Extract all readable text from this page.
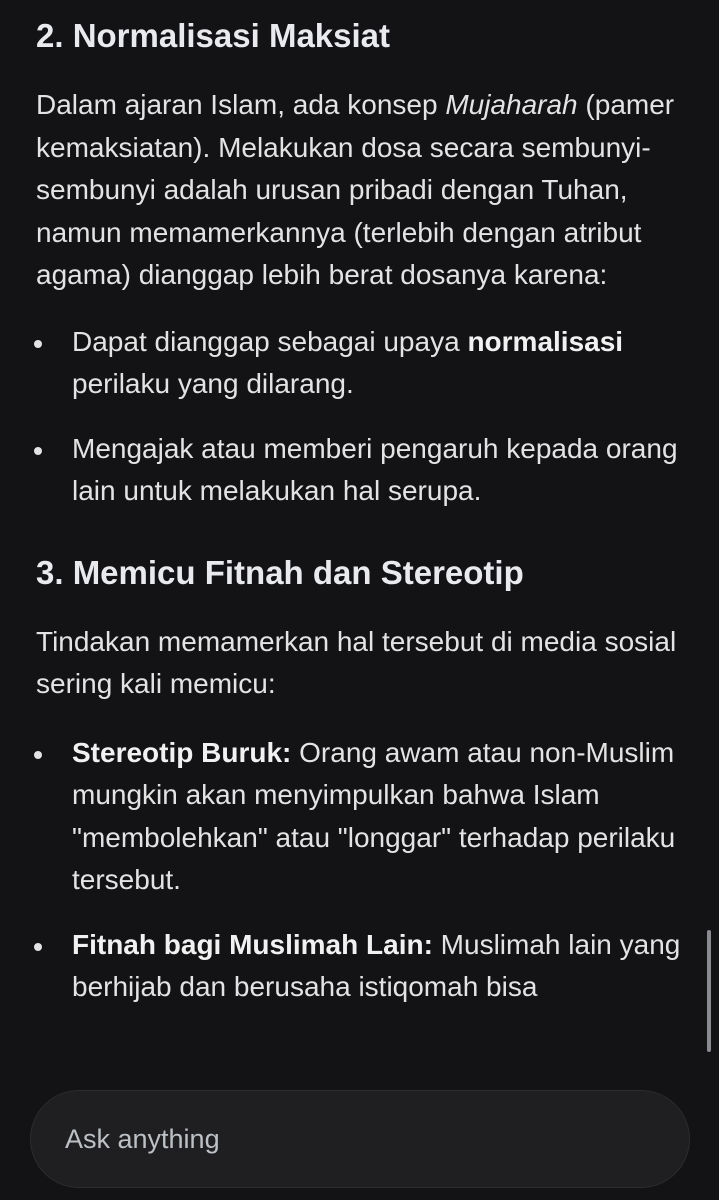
2. Normalisasi Maksiat

Dalam ajaran Islam, ada konsep Mujaharah (pamer kemaksiatan). Melakukan dosa secara sembunyi-sembunyi adalah urusan pribadi dengan Tuhan, namun memamerkannya (terlebih dengan atribut agama) dianggap lebih berat dosanya karena:

Dapat dianggap sebagai upaya normalisasi perilaku yang dilarang.
Mengajak atau memberi pengaruh kepada orang lain untuk melakukan hal serupa.
3. Memicu Fitnah dan Stereotip

Tindakan memamerkan hal tersebut di media sosial sering kali memicu:

Stereotip Buruk: Orang awam atau non-Muslim mungkin akan menyimpulkan bahwa Islam "membolehkan" atau "longgar" terhadap perilaku tersebut.
Fitnah bagi Muslimah Lain: Muslimah lain yang berhijab dan berusaha istiqomah bisa
Ask anything
